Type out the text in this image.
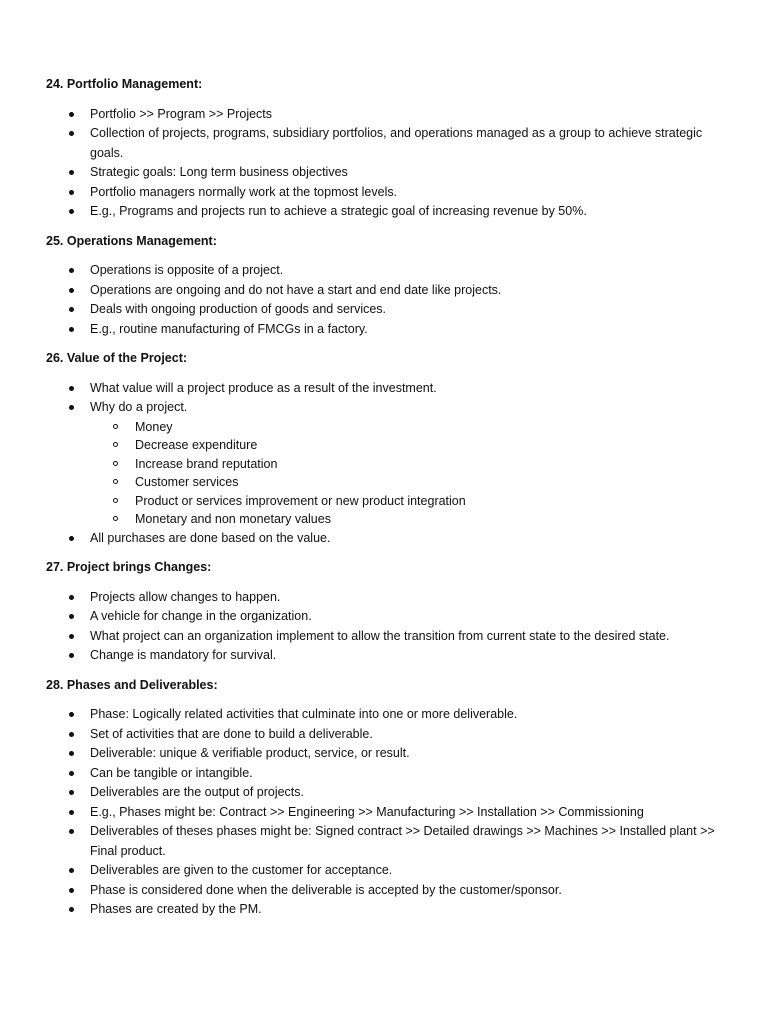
24. Portfolio Management:
Portfolio >> Program >> Projects
Collection of projects, programs, subsidiary portfolios, and operations managed as a group to achieve strategic goals.
Strategic goals: Long term business objectives
Portfolio managers normally work at the topmost levels.
E.g., Programs and projects run to achieve a strategic goal of increasing revenue by 50%.
25. Operations Management:
Operations is opposite of a project.
Operations are ongoing and do not have a start and end date like projects.
Deals with ongoing production of goods and services.
E.g., routine manufacturing of FMCGs in a factory.
26. Value of the Project:
What value will a project produce as a result of the investment.
Why do a project.
Money
Decrease expenditure
Increase brand reputation
Customer services
Product or services improvement or new product integration
Monetary and non monetary values
All purchases are done based on the value.
27. Project brings Changes:
Projects allow changes to happen.
A vehicle for change in the organization.
What project can an organization implement to allow the transition from current state to the desired state.
Change is mandatory for survival.
28. Phases and Deliverables:
Phase: Logically related activities that culminate into one or more deliverable.
Set of activities that are done to build a deliverable.
Deliverable: unique & verifiable product, service, or result.
Can be tangible or intangible.
Deliverables are the output of projects.
E.g., Phases might be: Contract >> Engineering >> Manufacturing >> Installation >> Commissioning
Deliverables of theses phases might be: Signed contract >> Detailed drawings >> Machines >> Installed plant >> Final product.
Deliverables are given to the customer for acceptance.
Phase is considered done when the deliverable is accepted by the customer/sponsor.
Phases are created by the PM.
